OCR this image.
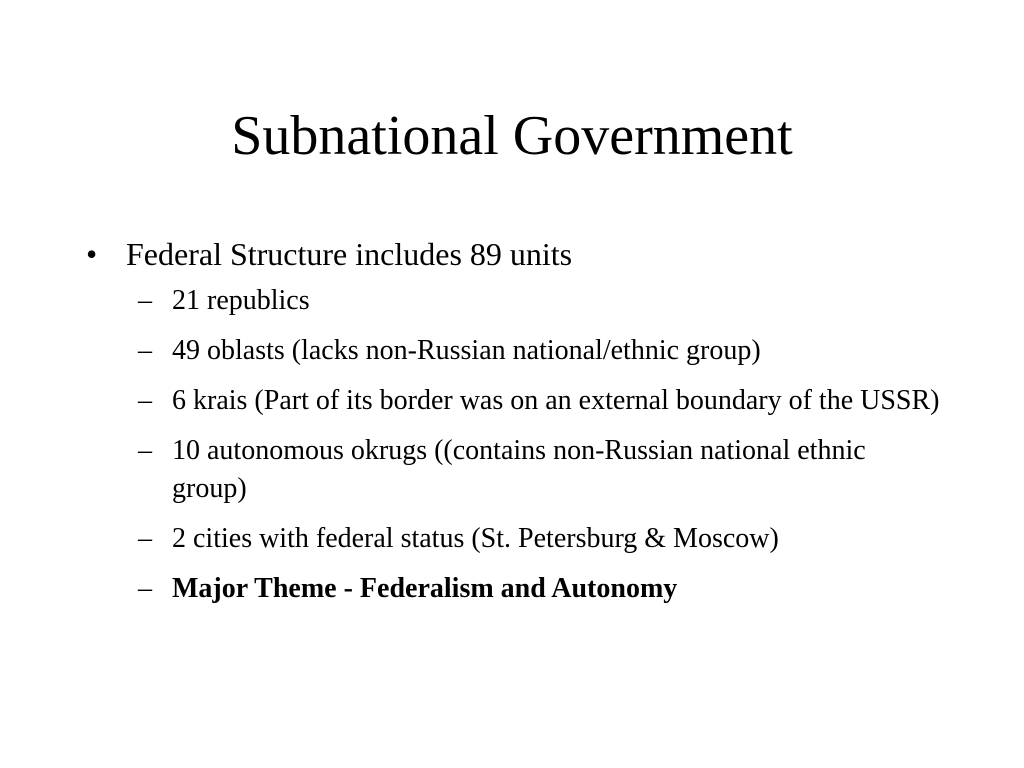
Subnational Government
• Federal Structure includes 89 units
– 21 republics
– 49 oblasts (lacks non-Russian national/ethnic group)
– 6 krais (Part of its border was on an external boundary of the USSR)
– 10 autonomous okrugs ((contains non-Russian national ethnic group)
– 2 cities with federal status (St. Petersburg & Moscow)
– Major Theme - Federalism and Autonomy
